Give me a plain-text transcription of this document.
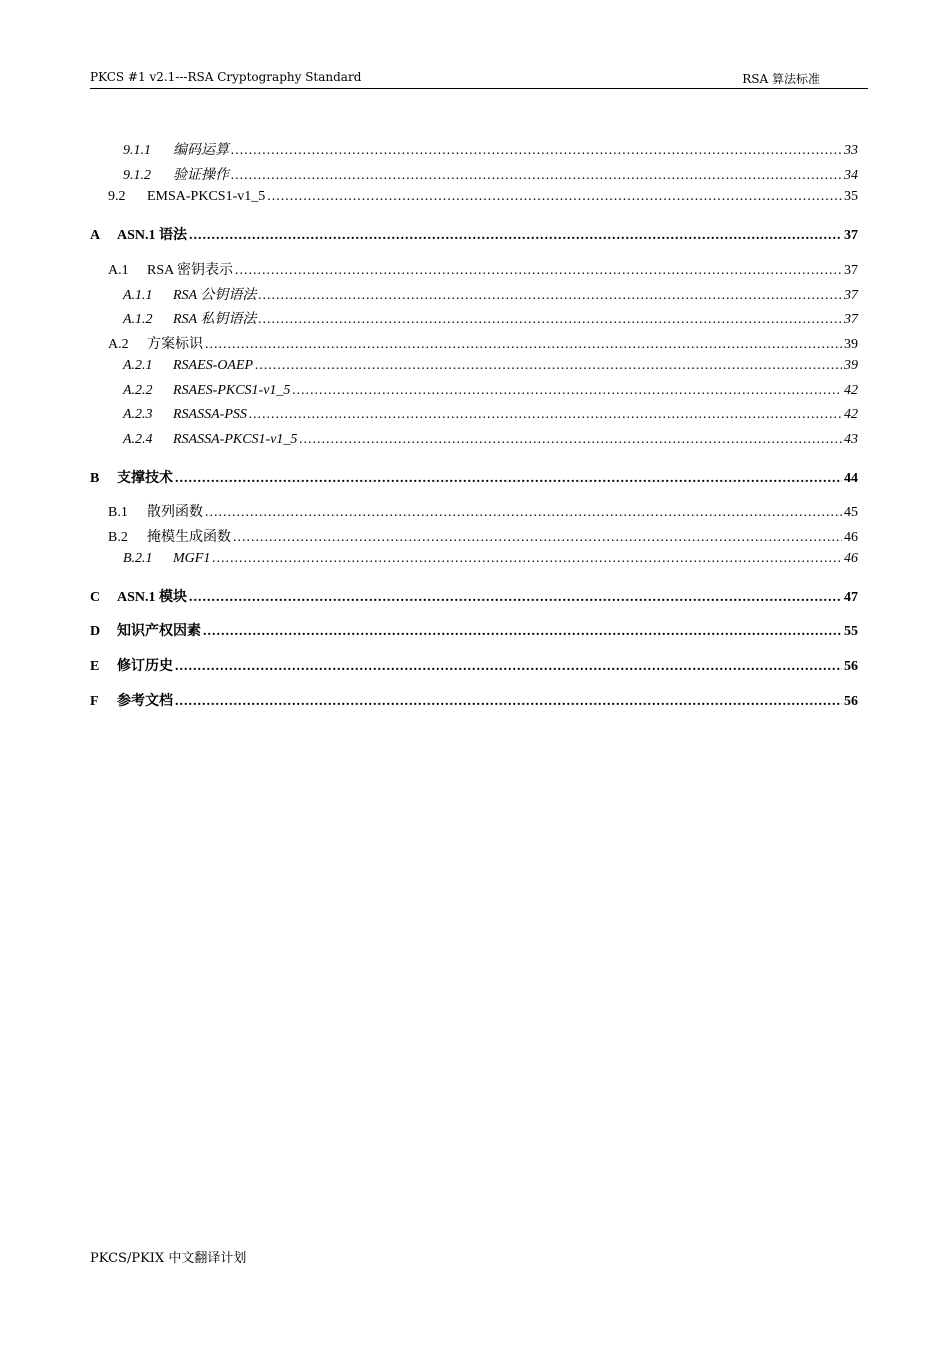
PKCS #1 v2.1---RSA Cryptography Standard	RSA 算法标准
9.1.1	编码运算 .....	33
9.1.2	验证操作 .....	34
9.2	EMSA-PKCS1-v1_5 .....	35
A	ASN.1 语法 .....	37
A.1	RSA 密钥表示 .....	37
A.1.1	RSA 公钥语法 .....	37
A.1.2	RSA 私钥语法 .....	37
A.2	方案标识 .....	39
A.2.1	RSAES-OAEP .....	39
A.2.2	RSAES-PKCS1-v1_5 .....	42
A.2.3	RSASSA-PSS .....	42
A.2.4	RSASSA-PKCS1-v1_5 .....	43
B	支撑技术 .....	44
B.1	散列函数 .....	45
B.2	掩模生成函数 .....	46
B.2.1	MGF1 .....	46
C	ASN.1 模块 .....	47
D	知识产权因素 .....	55
E	修订历史 .....	56
F	参考文档 .....	56
PKCS/PKIX 中文翻译计划
